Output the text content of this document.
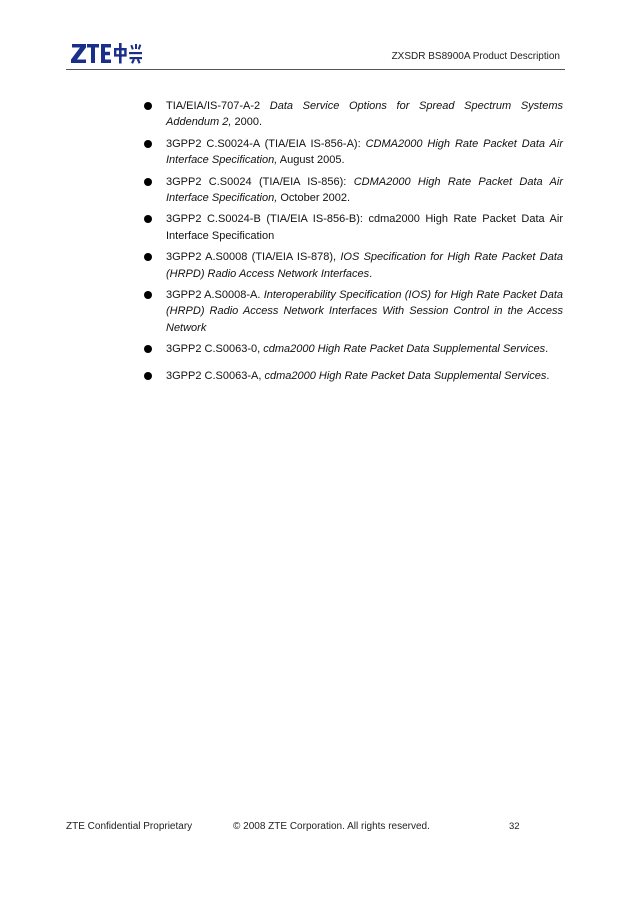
ZXSDR BS8900A Product Description
TIA/EIA/IS-707-A-2 Data Service Options for Spread Spectrum Systems Addendum 2, 2000.
3GPP2 C.S0024-A (TIA/EIA IS-856-A): CDMA2000 High Rate Packet Data Air Interface Specification, August 2005.
3GPP2 C.S0024 (TIA/EIA IS-856): CDMA2000 High Rate Packet Data Air Interface Specification, October 2002.
3GPP2 C.S0024-B (TIA/EIA IS-856-B): cdma2000 High Rate Packet Data Air Interface Specification
3GPP2 A.S0008 (TIA/EIA IS-878), IOS Specification for High Rate Packet Data (HRPD) Radio Access Network Interfaces.
3GPP2 A.S0008-A. Interoperability Specification (IOS) for High Rate Packet Data (HRPD) Radio Access Network Interfaces With Session Control in the Access Network
3GPP2 C.S0063-0, cdma2000 High Rate Packet Data Supplemental Services.
3GPP2 C.S0063-A, cdma2000 High Rate Packet Data Supplemental Services.
ZTE Confidential Proprietary	© 2008 ZTE Corporation. All rights reserved.	32
